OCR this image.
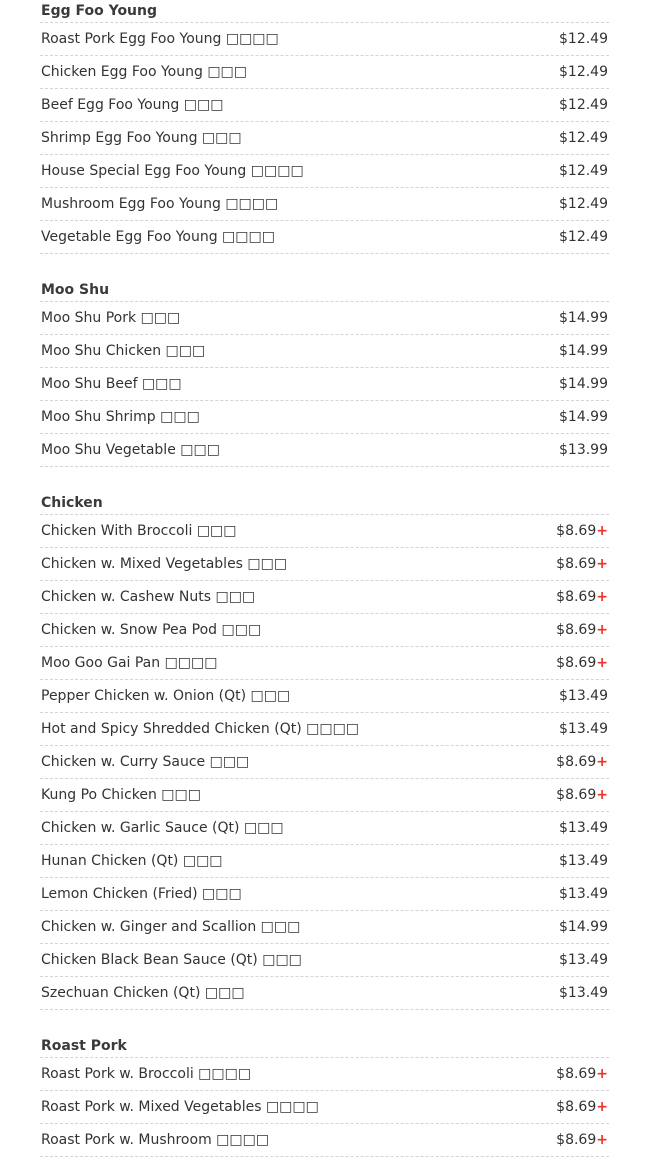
Egg Foo Young
Roast Pork Egg Foo Young □□□□	$12.49
Chicken Egg Foo Young □□□	$12.49
Beef Egg Foo Young □□□	$12.49
Shrimp Egg Foo Young □□□	$12.49
House Special Egg Foo Young □□□□	$12.49
Mushroom Egg Foo Young □□□□	$12.49
Vegetable Egg Foo Young □□□□	$12.49
Moo Shu
Moo Shu Pork □□□	$14.99
Moo Shu Chicken □□□	$14.99
Moo Shu Beef □□□	$14.99
Moo Shu Shrimp □□□	$14.99
Moo Shu Vegetable □□□	$13.99
Chicken
Chicken With Broccoli □□□	$8.69+
Chicken w. Mixed Vegetables □□□	$8.69+
Chicken w. Cashew Nuts □□□	$8.69+
Chicken w. Snow Pea Pod □□□	$8.69+
Moo Goo Gai Pan □□□□	$8.69+
Pepper Chicken w. Onion (Qt) □□□	$13.49
Hot and Spicy Shredded Chicken (Qt) □□□□	$13.49
Chicken w. Curry Sauce □□□	$8.69+
Kung Po Chicken □□□	$8.69+
Chicken w. Garlic Sauce (Qt) □□□	$13.49
Hunan Chicken (Qt) □□□	$13.49
Lemon Chicken (Fried) □□□	$13.49
Chicken w. Ginger and Scallion □□□	$14.99
Chicken Black Bean Sauce (Qt) □□□	$13.49
Szechuan Chicken (Qt) □□□	$13.49
Roast Pork
Roast Pork w. Broccoli □□□□	$8.69+
Roast Pork w. Mixed Vegetables □□□□	$8.69+
Roast Pork w. Mushroom □□□□	$8.69+
